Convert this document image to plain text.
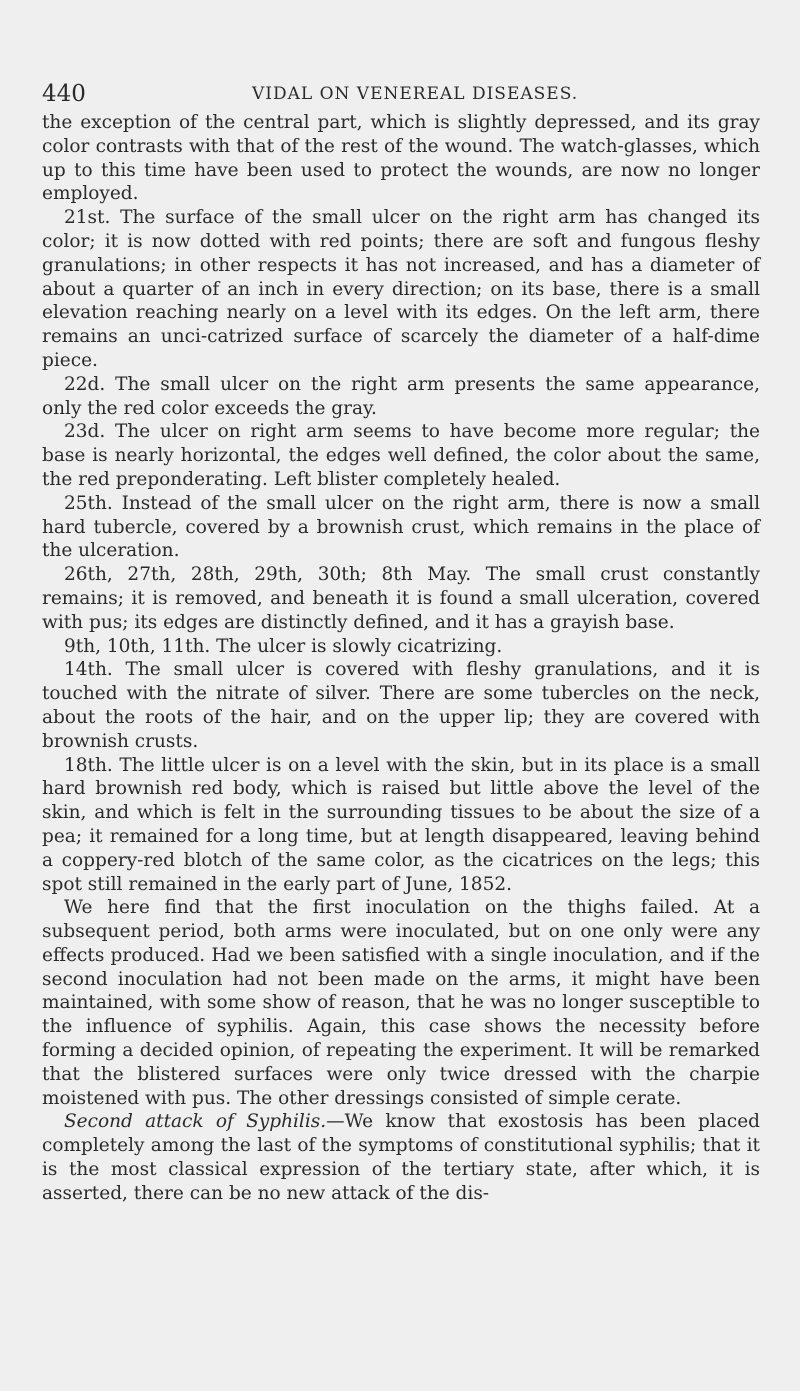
440	VIDAL ON VENEREAL DISEASES.

the exception of the central part, which is slightly depressed, and its gray color contrasts with that of the rest of the wound. The watch-glasses, which up to this time have been used to protect the wounds, are now no longer employed.

21st. The surface of the small ulcer on the right arm has changed its color; it is now dotted with red points; there are soft and fungous fleshy granulations; in other respects it has not increased, and has a diameter of about a quarter of an inch in every direction; on its base, there is a small elevation reaching nearly on a level with its edges. On the left arm, there remains an unci-catrized surface of scarcely the diameter of a half-dime piece.

22d. The small ulcer on the right arm presents the same appearance, only the red color exceeds the gray.

23d. The ulcer on right arm seems to have become more regular; the base is nearly horizontal, the edges well defined, the color about the same, the red preponderating. Left blister completely healed.

25th. Instead of the small ulcer on the right arm, there is now a small hard tubercle, covered by a brownish crust, which remains in the place of the ulceration.

26th, 27th, 28th, 29th, 30th; 8th May. The small crust constantly remains; it is removed, and beneath it is found a small ulceration, covered with pus; its edges are distinctly defined, and it has a grayish base.

9th, 10th, 11th. The ulcer is slowly cicatrizing.

14th. The small ulcer is covered with fleshy granulations, and it is touched with the nitrate of silver. There are some tubercles on the neck, about the roots of the hair, and on the upper lip; they are covered with brownish crusts.

18th. The little ulcer is on a level with the skin, but in its place is a small hard brownish red body, which is raised but little above the level of the skin, and which is felt in the surrounding tissues to be about the size of a pea; it remained for a long time, but at length disappeared, leaving behind a coppery-red blotch of the same color, as the cicatrices on the legs; this spot still remained in the early part of June, 1852.

We here find that the first inoculation on the thighs failed. At a subsequent period, both arms were inoculated, but on one only were any effects produced. Had we been satisfied with a single inoculation, and if the second inoculation had not been made on the arms, it might have been maintained, with some show of reason, that he was no longer susceptible to the influence of syphilis. Again, this case shows the necessity before forming a decided opinion, of repeating the experiment. It will be remarked that the blistered surfaces were only twice dressed with the charpie moistened with pus. The other dressings consisted of simple cerate.

Second attack of Syphilis.—We know that exostosis has been placed completely among the last of the symptoms of constitutional syphilis; that it is the most classical expression of the tertiary state, after which, it is asserted, there can be no new attack of the dis-
